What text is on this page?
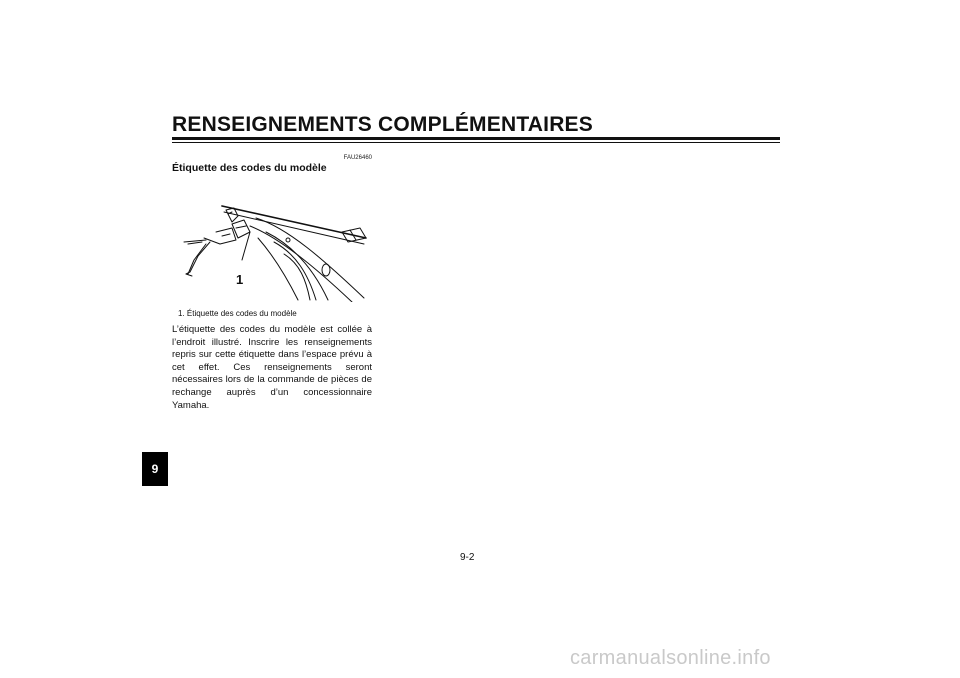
RENSEIGNEMENTS COMPLÉMENTAIRES
FAU26460
Étiquette des codes du modèle
1
1. Étiquette des codes du modèle
L’étiquette des codes du modèle est collée à l’endroit illustré. Inscrire les renseignements repris sur cette étiquette dans l’espace prévu à cet effet. Ces renseignements seront nécessaires lors de la commande de pièces de rechange auprès d’un concessionnaire Yamaha.
9
9-2
carmanualsonline.info
